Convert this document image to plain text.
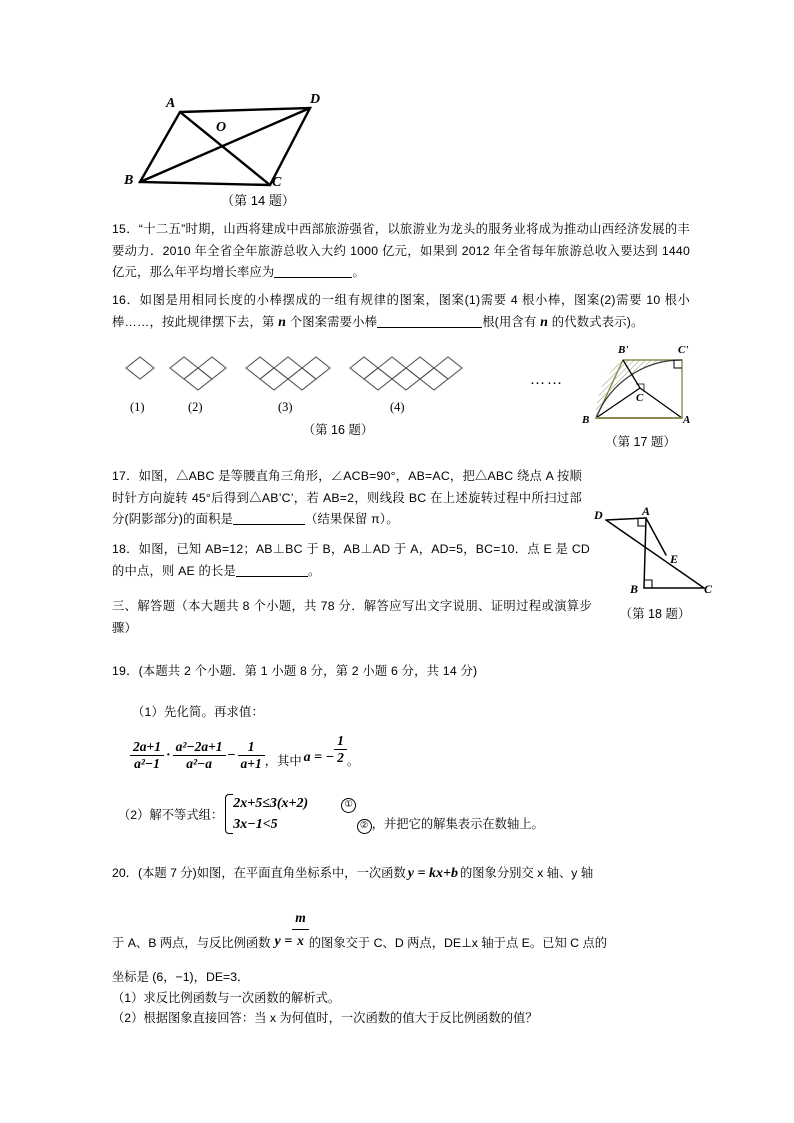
A	D
O
B	C
（第 14 题）
15．“十二五”时期，山西将建成中西部旅游强省，以旅游业为龙头的服务业将成为推动山西经济发展的丰要动力．2010 年全省全年旅游总收入大约 1000 亿元，如果到 2012 年全省每年旅游总收入要达到 1440 亿元，那么年平均增长率应为	。
16．如图是用相同长度的小棒摆成的一组有规律的图案，图案(1)需要 4 根小棒，图案(2)需要 10 根小棒……，按此规律摆下去，第 n 个图案需要小棒	根(用含有 n 的代数式表示)。
……
(1)	(2)	(3)	(4)
（第 16 题）
B'	C'
C
B	A
（第 17 题）
17．如图，△ABC 是等腰直角三角形，∠ACB=90°，AB=AC，把△ABC 绕点 A 按顺时针方向旋转 45°后得到△AB’C’，若 AB=2，则线段 BC 在上述旋转过程中所扫过部分(阴影部分)的面积是	（结果保留 π）。
18．如图，已知 AB=12；AB⊥BC 于 B，AB⊥AD 于 A，AD=5，BC=10．点 E 是 CD 的中点，则 AE 的长是	。
D	A
E
B	C
（第 18 题）
三、解答题（本大题共 8 个小题，共 78 分．解答应写出文字说朋、证明过程或演算步骤）
19．(本题共 2 个小题．第 1 小题 8 分，第 2 小题 6 分，共 14 分)
（1）先化简。再求值：
$\frac{2a+1}{\text{a²−1}} \cdot \frac{\text{a²−2a+1}}{\text{a²−a}} - \frac{1}{a+1} _{,其中}$ a = − $\frac{1}{2} _。$
（2）解不等式组：2x+5≤3(x+2)	①
3x−1<5	② ，并把它的解集表示在数轴上。
20．(本题 7 分)如图，在平面直角坐标系中，一次函数 y = kx+b 的图象分别交 x 轴、y 轴
于 A、B 两点，与反比例函数 $y = \frac{m}{x}$ 的图象交于 C、D 两点，DE⊥x 轴于点 E。已知 C 点的
坐标是 (6，−1)，DE=3．
（1）求反比例函数与一次函数的解析式。
（2）根据图象直接回答：当 x 为何值时，一次函数的值大于反比例函数的值？
